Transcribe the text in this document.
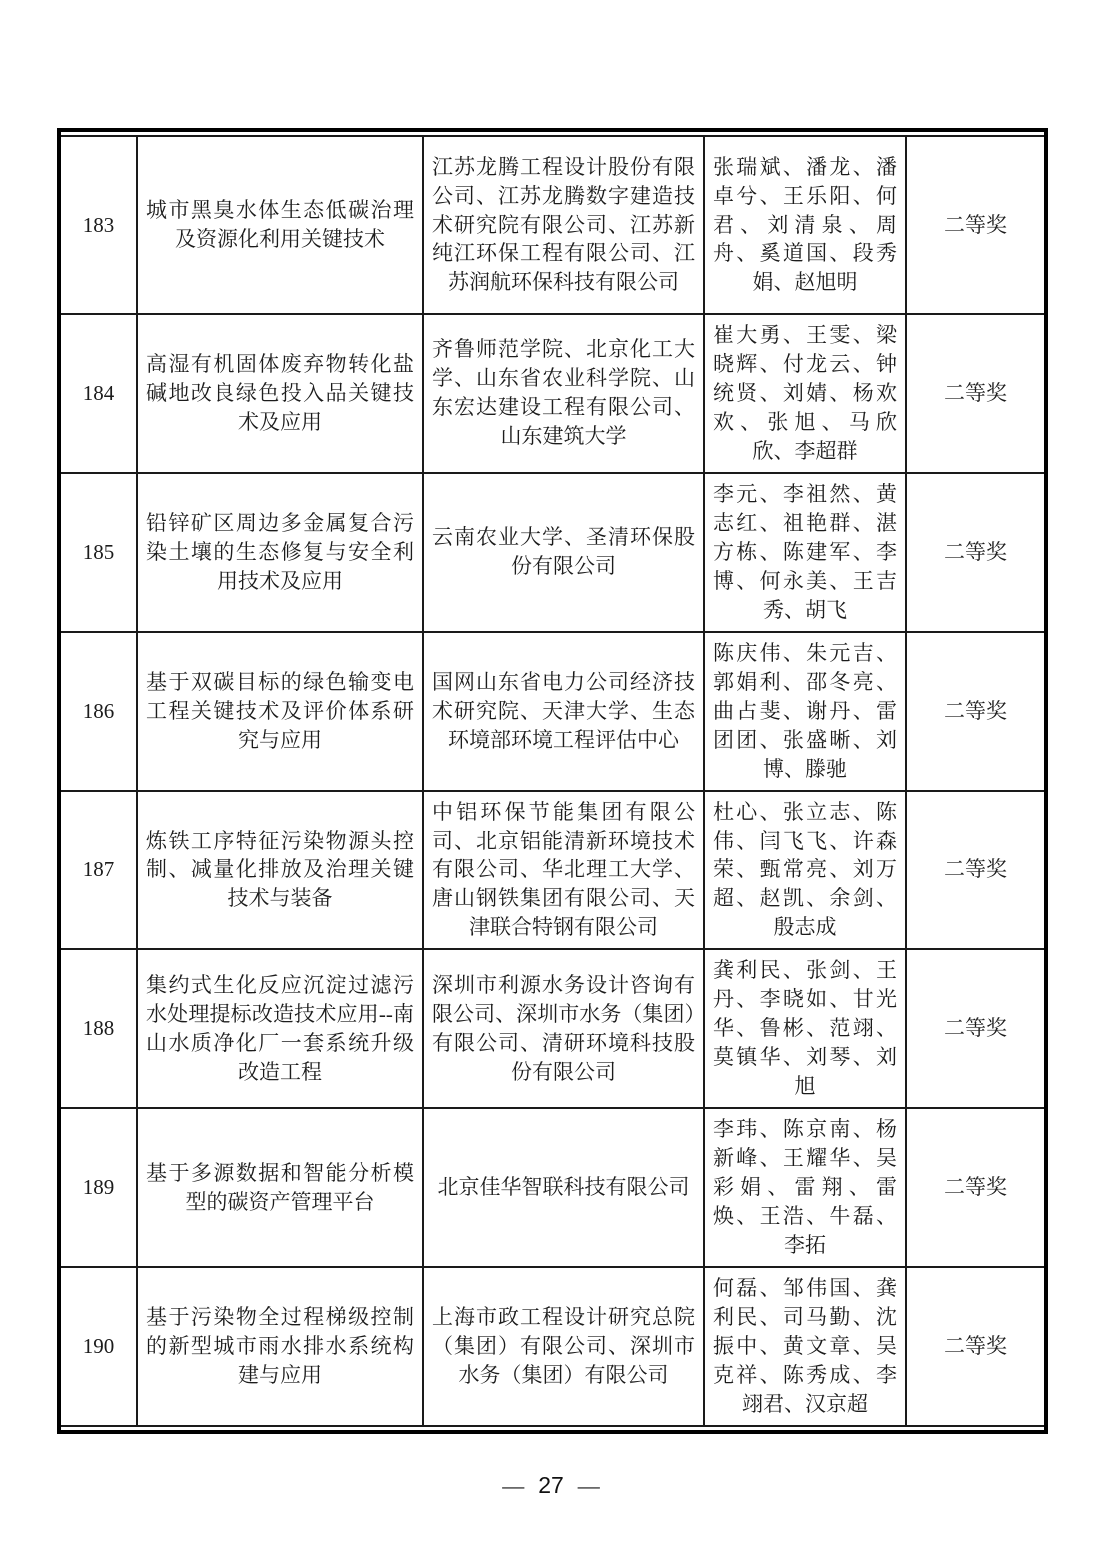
183
城市黑臭水体生态低碳治理及资源化利用关键技术
江苏龙腾工程设计股份有限公司、江苏龙腾数字建造技术研究院有限公司、江苏新纯江环保工程有限公司、江苏润航环保科技有限公司
张瑞斌、潘龙、潘卓兮、王乐阳、何君、刘清泉、周舟、奚道国、段秀娟、赵旭明
二等奖
184
高湿有机固体废弃物转化盐碱地改良绿色投入品关键技术及应用
齐鲁师范学院、北京化工大学、山东省农业科学院、山东宏达建设工程有限公司、山东建筑大学
崔大勇、王雯、梁晓辉、付龙云、钟统贤、刘婧、杨欢欢、张旭、马欣欣、李超群
二等奖
185
铅锌矿区周边多金属复合污染土壤的生态修复与安全利用技术及应用
云南农业大学、圣清环保股份有限公司
李元、李祖然、黄志红、祖艳群、湛方栋、陈建军、李博、何永美、王吉秀、胡飞
二等奖
186
基于双碳目标的绿色输变电工程关键技术及评价体系研究与应用
国网山东省电力公司经济技术研究院、天津大学、生态环境部环境工程评估中心
陈庆伟、朱元吉、郭娟利、邵冬亮、曲占斐、谢丹、雷团团、张盛晰、刘博、滕驰
二等奖
187
炼铁工序特征污染物源头控制、减量化排放及治理关键技术与装备
中铝环保节能集团有限公司、北京铝能清新环境技术有限公司、华北理工大学、唐山钢铁集团有限公司、天津联合特钢有限公司
杜心、张立志、陈伟、闫飞飞、许森荣、甄常亮、刘万超、赵凯、余剑、殷志成
二等奖
188
集约式生化反应沉淀过滤污水处理提标改造技术应用--南山水质净化厂一套系统升级改造工程
深圳市利源水务设计咨询有限公司、深圳市水务（集团）有限公司、清研环境科技股份有限公司
龚利民、张剑、王丹、李晓如、甘光华、鲁彬、范翊、莫镇华、刘琴、刘旭
二等奖
189
基于多源数据和智能分析模型的碳资产管理平台
北京佳华智联科技有限公司
李玮、陈京南、杨新峰、王耀华、吴彩娟、雷翔、雷焕、王浩、牛磊、李拓
二等奖
190
基于污染物全过程梯级控制的新型城市雨水排水系统构建与应用
上海市政工程设计研究总院（集团）有限公司、深圳市水务（集团）有限公司
何磊、邹伟国、龚利民、司马勤、沈振中、黄文章、吴克祥、陈秀成、李翊君、汉京超
二等奖
— 27 —
